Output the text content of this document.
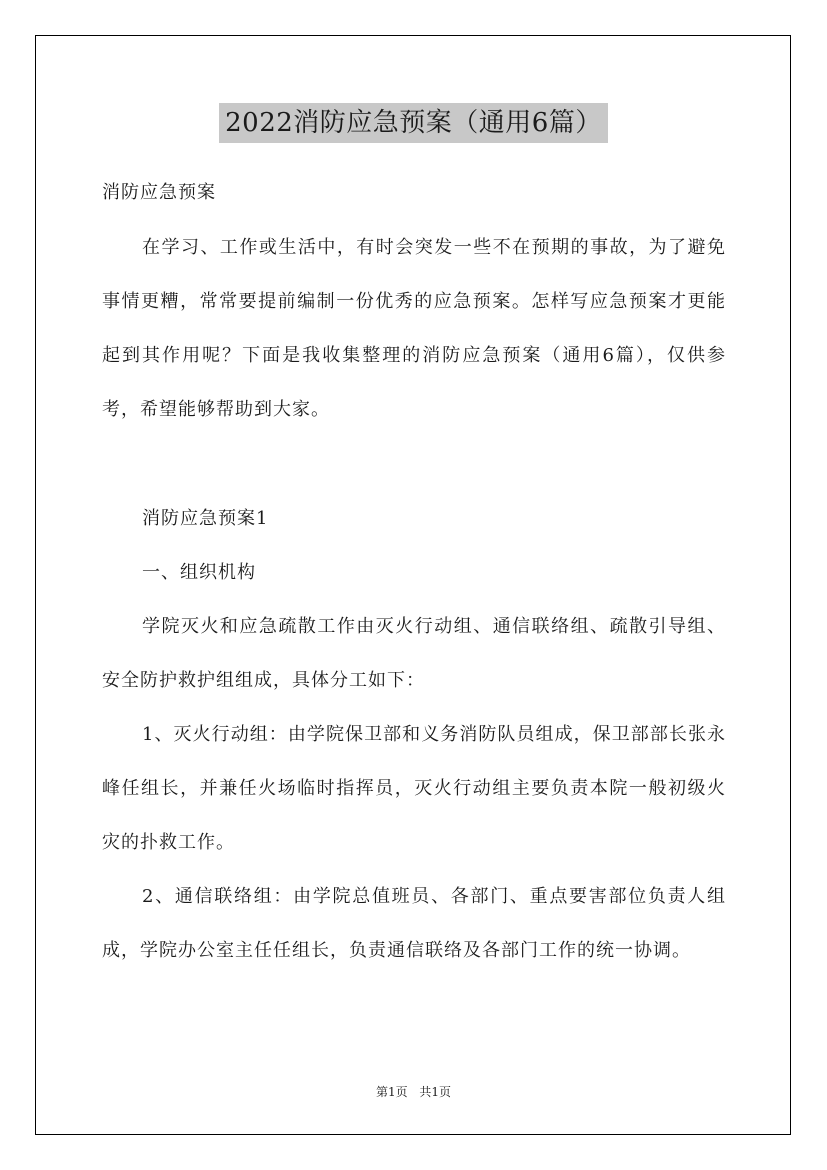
2022消防应急预案（通用6篇）

消防应急预案

在学习、工作或生活中，有时会突发一些不在预期的事故，为了避免事情更糟，常常要提前编制一份优秀的应急预案。怎样写应急预案才更能起到其作用呢？下面是我收集整理的消防应急预案（通用6篇），仅供参考，希望能够帮助到大家。

消防应急预案1

一、组织机构

学院灭火和应急疏散工作由灭火行动组、通信联络组、疏散引导组、安全防护救护组组成，具体分工如下：

1、灭火行动组：由学院保卫部和义务消防队员组成，保卫部部长张永峰任组长，并兼任火场临时指挥员，灭火行动组主要负责本院一般初级火灾的扑救工作。

2、通信联络组：由学院总值班员、各部门、重点要害部位负责人组成，学院办公室主任任组长，负责通信联络及各部门工作的统一协调。

第1页 共1页
